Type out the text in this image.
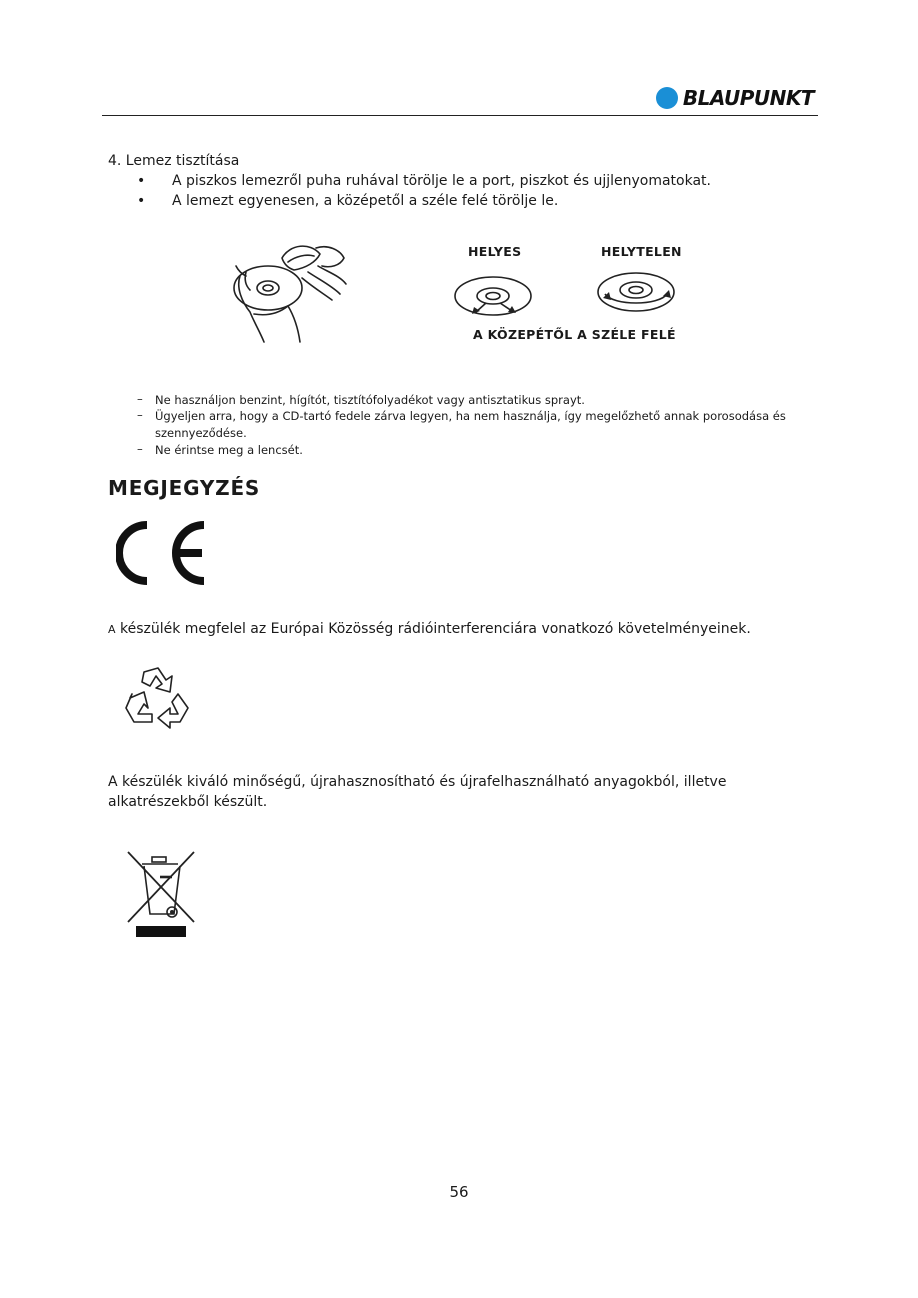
BLAUPUNKT
4. Lemez tisztítása
• A piszkos lemezről puha ruhával törölje le a port, piszkot és ujjlenyomatokat.
• A lemezt egyenesen, a középetől a széle felé törölje le.
HELYES	HELYTELEN
A KÖZEPÉTŐL A SZÉLE FELÉ
– Ne használjon benzint, hígítót, tisztítófolyadékot vagy antisztatikus sprayt.
– Ügyeljen arra, hogy a CD-tartó fedele zárva legyen, ha nem használja, így megelőzhető annak porosodása és szennyeződése.
– Ne érintse meg a lencsét.
MEGJEGYZÉS
A készülék megfelel az Európai Közösség rádióinterferenciára vonatkozó követelményeinek.
A készülék kiváló minőségű, újrahasznosítható és újrafelhasználható anyagokból, illetve alkatrészekből készült.
56
